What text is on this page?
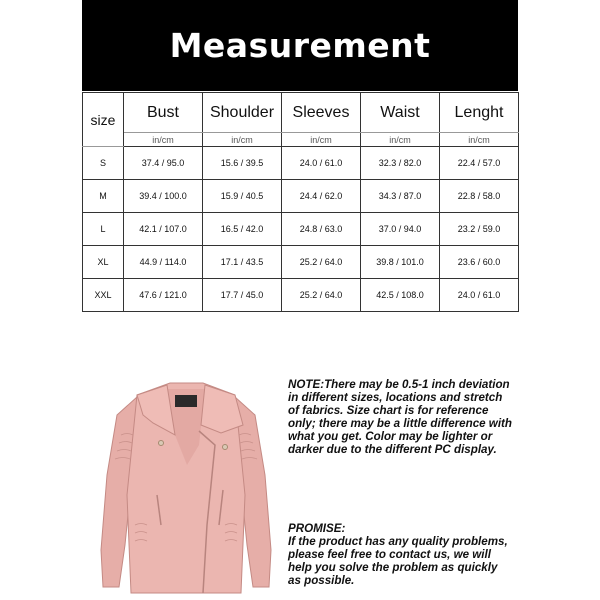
Measurement
size	Bust	Shoulder	Sleeves	Waist	Lenght
	in/cm	in/cm	in/cm	in/cm	in/cm
S	37.4 / 95.0	15.6 / 39.5	24.0 / 61.0	32.3 / 82.0	22.4 / 57.0
M	39.4 / 100.0	15.9 / 40.5	24.4 / 62.0	34.3 / 87.0	22.8 / 58.0
L	42.1 / 107.0	16.5 / 42.0	24.8 / 63.0	37.0 / 94.0	23.2 / 59.0
XL	44.9 / 114.0	17.1 / 43.5	25.2 / 64.0	39.8 / 101.0	23.6 / 60.0
XXL	47.6 / 121.0	17.7 / 45.0	25.2 / 64.0	42.5 / 108.0	24.0 / 61.0

NOTE:There may be 0.5-1 inch deviation in different sizes, locations and stretch of fabrics. Size chart is for reference only; there may be a little difference with what you get. Color may be lighter or darker due to the different PC display.

PROMISE:

If the product has any quality problems, please feel free to contact us, we will help you solve the problem as quickly as possible.
